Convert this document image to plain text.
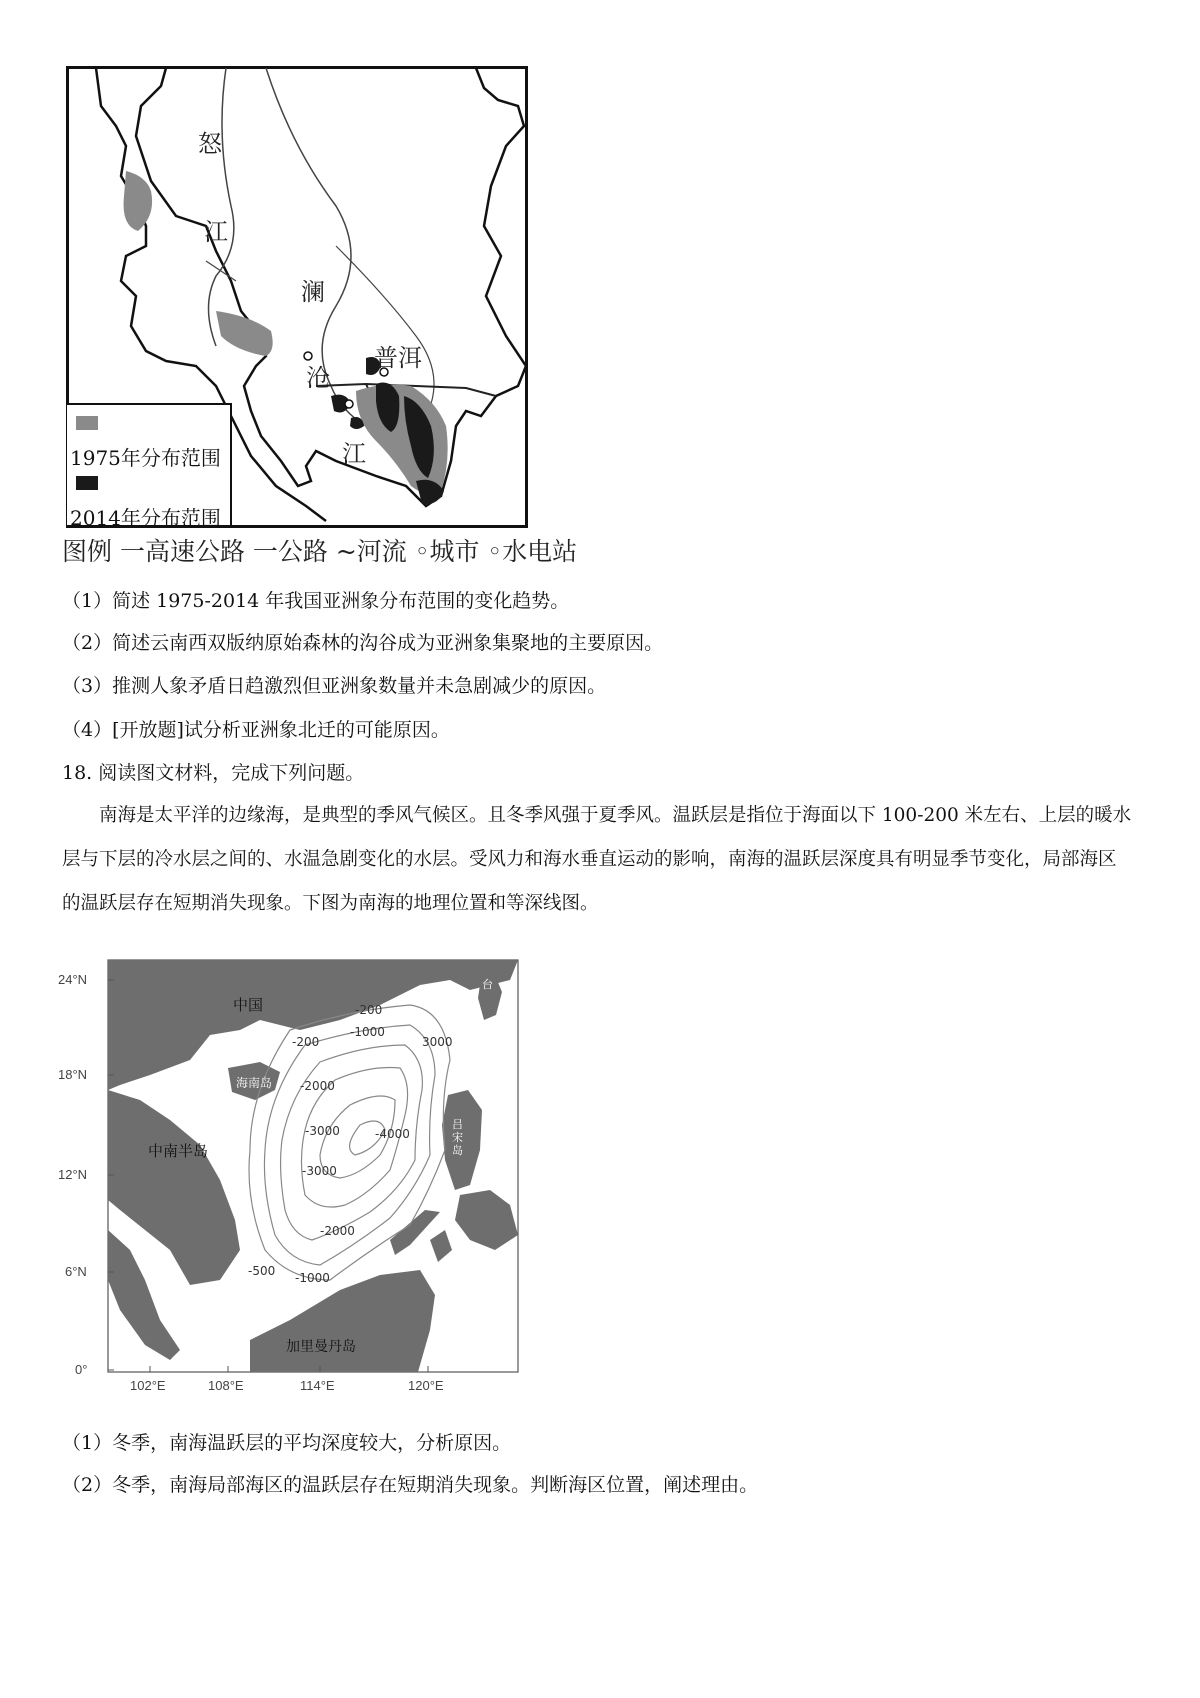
怒
江
澜
沧
江
普洱
1975年分布范围
2014年分布范围
图例 一高速公路 一公路 ~河流 ◦城市 ◦水电站
（1）简述 1975-2014 年我国亚洲象分布范围的变化趋势。
（2）简述云南西双版纳原始森林的沟谷成为亚洲象集聚地的主要原因。
（3）推测人象矛盾日趋激烈但亚洲象数量并未急剧减少的原因。
（4）[开放题]试分析亚洲象北迁的可能原因。
18. 阅读图文材料，完成下列问题。
南海是太平洋的边缘海，是典型的季风气候区。且冬季风强于夏季风。温跃层是指位于海面以下 100-200 米左右、上层的暖水层与下层的冷水层之间的、水温急剧变化的水层。受风力和海水垂直运动的影响，南海的温跃层深度具有明显季节变化，局部海区的温跃层存在短期消失现象。下图为南海的地理位置和等深线图。
-200
-200
-1000
-2000
-3000
-3000
-4000
-2000
-1000
-500
3000
24°N
18°N
12°N
6°N
0°
102°E	108°E	114°E	120°E
中国
海南岛
中南半岛
加里曼丹岛
吕宋岛
台
（1）冬季，南海温跃层的平均深度较大，分析原因。
（2）冬季，南海局部海区的温跃层存在短期消失现象。判断海区位置，阐述理由。
